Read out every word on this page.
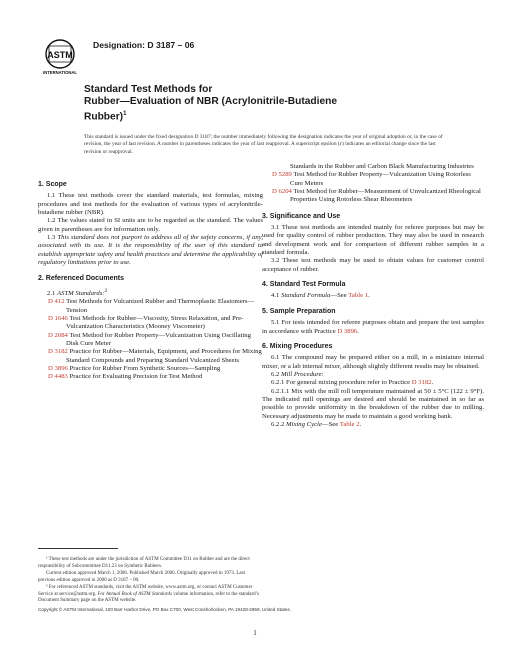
ASTM
INTERNATIONAL
Designation: D 3187 – 06
Standard Test Methods for
Rubber—Evaluation of NBR (Acrylonitrile-Butadiene
Rubber)$^1$
This standard is issued under the fixed designation D 3187; the number immediately following the designation indicates the year of original adoption or, in the case of revision, the year of last revision. A number in parentheses indicates the year of last reapproval. A superscript epsilon (ε) indicates an editorial change since the last revision or reapproval.

1. Scope

1.1 These test methods cover the standard materials, test formulas, mixing procedures and test methods for the evaluation of various types of acrylonitrile-butadiene rubber (NBR).

1.2 The values stated in SI units are to be regarded as the standard. The values given in parentheses are for information only.

1.3 This standard does not purport to address all of the safety concerns, if any, associated with its use. It is the responsibility of the user of this standard to establish appropriate safety and health practices and determine the applicability of regulatory limitations prior to use.

2. Referenced Documents

2.1 ASTM Standards:$^2$

D 412 Test Methods for Vulcanized Rubber and Thermoplastic Elastomers—Tension

D 1646 Test Methods for Rubber—Viscosity, Stress Relaxation, and Pre-Vulcanization Characteristics (Mooney Viscometer)

D 2084 Test Method for Rubber Property—Vulcanization Using Oscillating Disk Cure Meter

D 3182 Practice for Rubber—Materials, Equipment, and Procedures for Mixing Standard Compounds and Preparing Standard Vulcanized Sheets

D 3896 Practice for Rubber From Synthetic Sources—Sampling

D 4483 Practice for Evaluating Precision for Test Method

Standards in the Rubber and Carbon Black Manufacturing Industries

D 5289 Test Method for Rubber Property—Vulcanization Using Rotorless Cure Meters

D 6204 Test Method for Rubber—Measurement of Unvulcanized Rheological Properties Using Rotorless Shear Rheometers

3. Significance and Use

3.1 These test methods are intended mainly for referee purposes but may be used for quality control of rubber production. They may also be used in research and development work and for comparison of different rubber samples in a standard formula.

3.2 These test methods may be used to obtain values for customer control acceptance of rubber.

4. Standard Test Formula

4.1 Standard Formula—See Table 1.

5. Sample Preparation

5.1 For tests intended for referee purposes obtain and prepare the test samples in accordance with Practice D 3896.

6. Mixing Procedures

6.1 The compound may be prepared either on a mill, in a miniature internal mixer, or a lab internal mixer, although slightly different results may be obtained.

6.2 Mill Procedure:

6.2.1 For general mixing procedure refer to Practice D 3182.

6.2.1.1 Mix with the mill roll temperature maintained at 50 ± 5°C (122 ± 9°F). The indicated mill openings are desired and should be maintained in so far as possible to provide uniformity in the breakdown of the rubber due to milling. Necessary adjustments may be made to maintain a good working bank.

6.2.2 Mixing Cycle—See Table 2.

¹ These test methods are under the jurisdiction of ASTM Committee D11 on Rubber and are the direct responsibility of Subcommittee D11.23 on Synthetic Rubbers.

Current edition approved March 1, 2006. Published March 2006. Originally approved in 1973. Last previous edition approved in 2000 as D 3187 – 00.

² For referenced ASTM standards, visit the ASTM website, www.astm.org, or contact ASTM Customer Service at service@astm.org. For Annual Book of ASTM Standards volume information, refer to the standard’s Document Summary page on the ASTM website.

Copyright © ASTM International, 100 Barr Harbor Drive, PO Box C700, West Conshohocken, PA 19428-2959, United States.
1
